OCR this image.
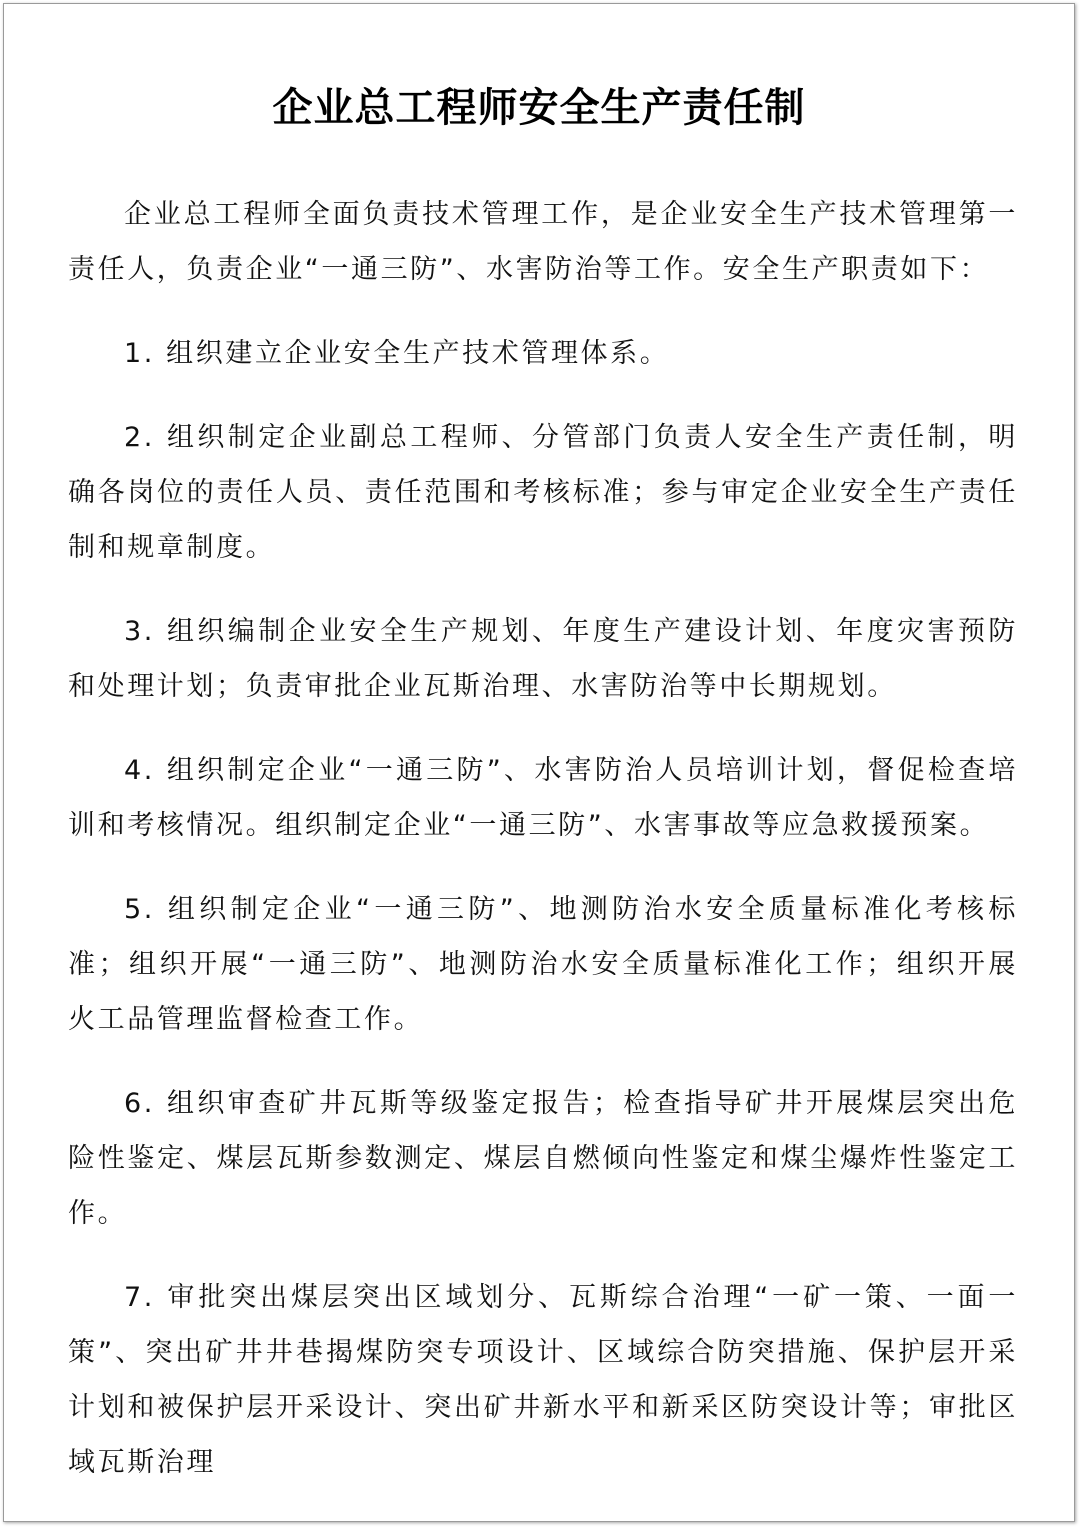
企业总工程师安全生产责任制

企业总工程师全面负责技术管理工作，是企业安全生产技术管理第一责任人，负责企业“一通三防”、水害防治等工作。安全生产职责如下：

1. 组织建立企业安全生产技术管理体系。

2. 组织制定企业副总工程师、分管部门负责人安全生产责任制，明确各岗位的责任人员、责任范围和考核标准；参与审定企业安全生产责任制和规章制度。

3. 组织编制企业安全生产规划、年度生产建设计划、年度灾害预防和处理计划；负责审批企业瓦斯治理、水害防治等中长期规划。

4. 组织制定企业“一通三防”、水害防治人员培训计划，督促检查培训和考核情况。组织制定企业“一通三防”、水害事故等应急救援预案。

5. 组织制定企业“一通三防”、地测防治水安全质量标准化考核标准；组织开展“一通三防”、地测防治水安全质量标准化工作；组织开展火工品管理监督检查工作。

6. 组织审查矿井瓦斯等级鉴定报告；检查指导矿井开展煤层突出危险性鉴定、煤层瓦斯参数测定、煤层自燃倾向性鉴定和煤尘爆炸性鉴定工作。

7. 审批突出煤层突出区域划分、瓦斯综合治理“一矿一策、一面一策”、突出矿井井巷揭煤防突专项设计、区域综合防突措施、保护层开采计划和被保护层开采设计、突出矿井新水平和新采区防突设计等；审批区域瓦斯治理
